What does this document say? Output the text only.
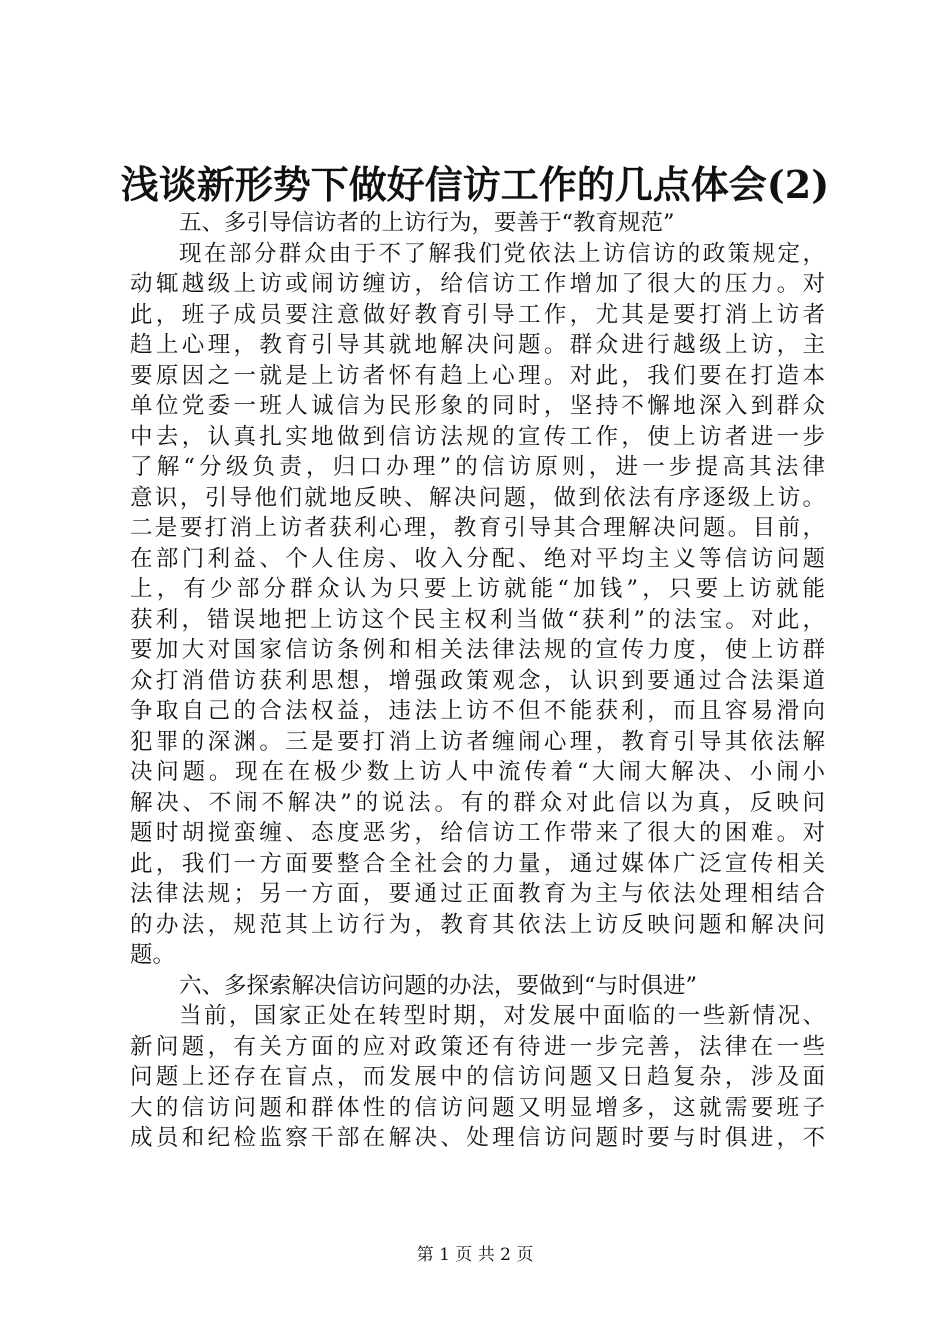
浅谈新形势下做好信访工作的几点体会(2)
五、多引导信访者的上访行为，要善于“教育规范”
现在部分群众由于不了解我们党依法上访信访的政策规定，
动辄越级上访或闹访缠访，给信访工作增加了很大的压力。对
此，班子成员要注意做好教育引导工作，尤其是要打消上访者
趋上心理，教育引导其就地解决问题。群众进行越级上访，主
要原因之一就是上访者怀有趋上心理。对此，我们要在打造本
单位党委一班人诚信为民形象的同时，坚持不懈地深入到群众
中去，认真扎实地做到信访法规的宣传工作，使上访者进一步
了解“分级负责，归口办理”的信访原则，进一步提高其法律
意识，引导他们就地反映、解决问题，做到依法有序逐级上访。
二是要打消上访者获利心理，教育引导其合理解决问题。目前，
在部门利益、个人住房、收入分配、绝对平均主义等信访问题
上，有少部分群众认为只要上访就能“加钱”，只要上访就能
获利，错误地把上访这个民主权利当做“获利”的法宝。对此，
要加大对国家信访条例和相关法律法规的宣传力度，使上访群
众打消借访获利思想，增强政策观念，认识到要通过合法渠道
争取自己的合法权益，违法上访不但不能获利，而且容易滑向
犯罪的深渊。三是要打消上访者缠闹心理，教育引导其依法解
决问题。现在在极少数上访人中流传着“大闹大解决、小闹小
解决、不闹不解决”的说法。有的群众对此信以为真，反映问
题时胡搅蛮缠、态度恶劣，给信访工作带来了很大的困难。对
此，我们一方面要整合全社会的力量，通过媒体广泛宣传相关
法律法规；另一方面，要通过正面教育为主与依法处理相结合
的办法，规范其上访行为，教育其依法上访反映问题和解决问
题。
六、多探索解决信访问题的办法，要做到“与时俱进”
当前，国家正处在转型时期，对发展中面临的一些新情况、
新问题，有关方面的应对政策还有待进一步完善，法律在一些
问题上还存在盲点，而发展中的信访问题又日趋复杂，涉及面
大的信访问题和群体性的信访问题又明显增多，这就需要班子
成员和纪检监察干部在解决、处理信访问题时要与时俱进，不
第 1 页 共 2 页
